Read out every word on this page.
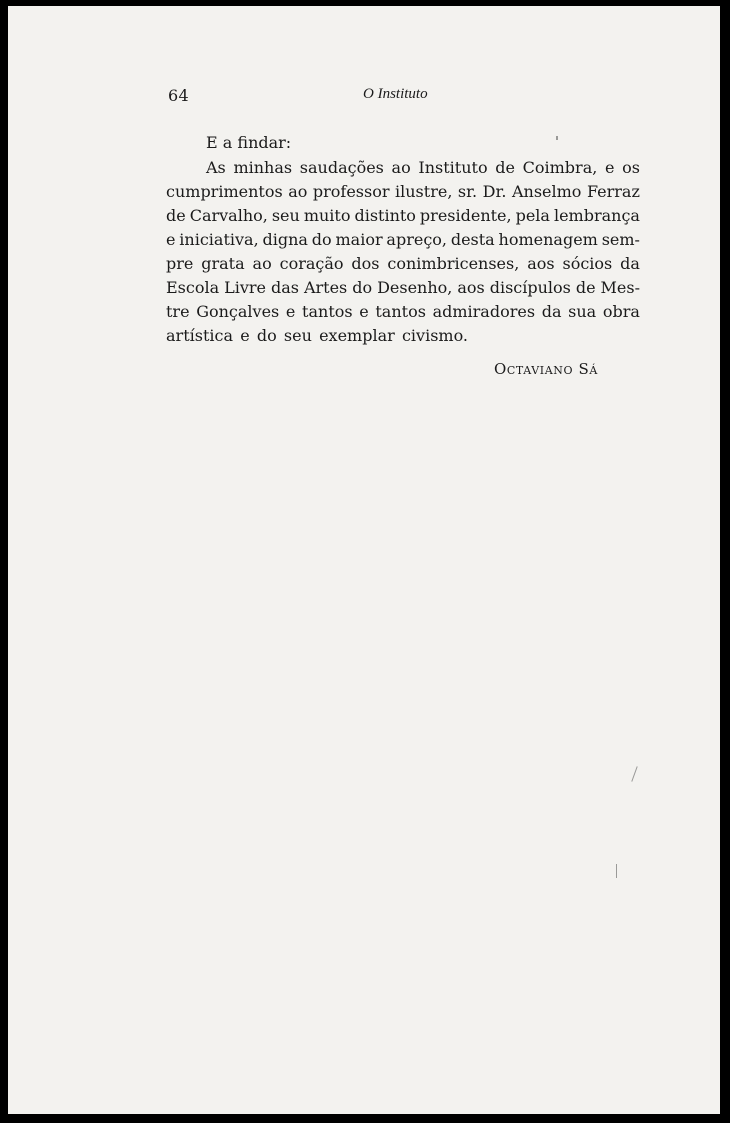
64	O Instituto
E a findar:
As minhas saudações ao Instituto de Coimbra, e os
cumprimentos ao professor ilustre, sr. Dr. Anselmo Ferraz
de Carvalho, seu muito distinto presidente, pela lembrança
e iniciativa, digna do maior apreço, desta homenagem sem-
pre grata ao coração dos conimbricenses, aos sócios da
Escola Livre das Artes do Desenho, aos discípulos de Mes-
tre Gonçalves e tantos e tantos admiradores da sua obra
artística e do seu exemplar civismo.
Octaviano Sá
